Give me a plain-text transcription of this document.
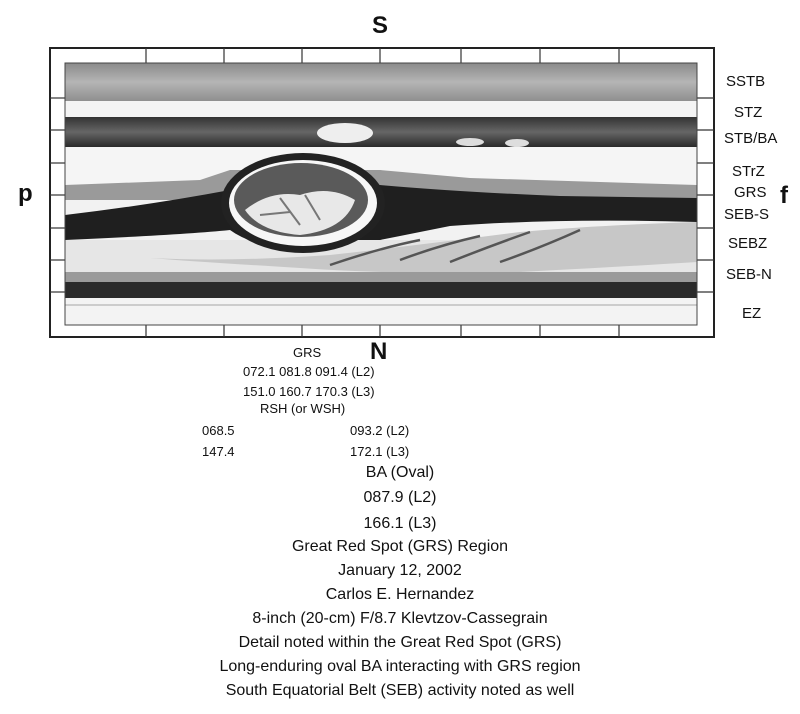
S
N
p	f
SSTB
STZ
STB/BA
STrZ
GRS
SEB-S
SEBZ
SEB-N
EZ
GRS
072.1 081.8 091.4 (L2)
151.0 160.7 170.3 (L3)
RSH (or WSH)
068.5	093.2 (L2)
147.4	172.1 (L3)
BA (Oval)
087.9 (L2)
166.1 (L3)
Great Red Spot (GRS) Region
January 12, 2002
Carlos E. Hernandez
8-inch (20-cm) F/8.7 Klevtzov-Cassegrain
Detail noted within the Great Red Spot (GRS)
Long-enduring oval BA interacting with GRS region
South Equatorial Belt (SEB) activity noted as well
